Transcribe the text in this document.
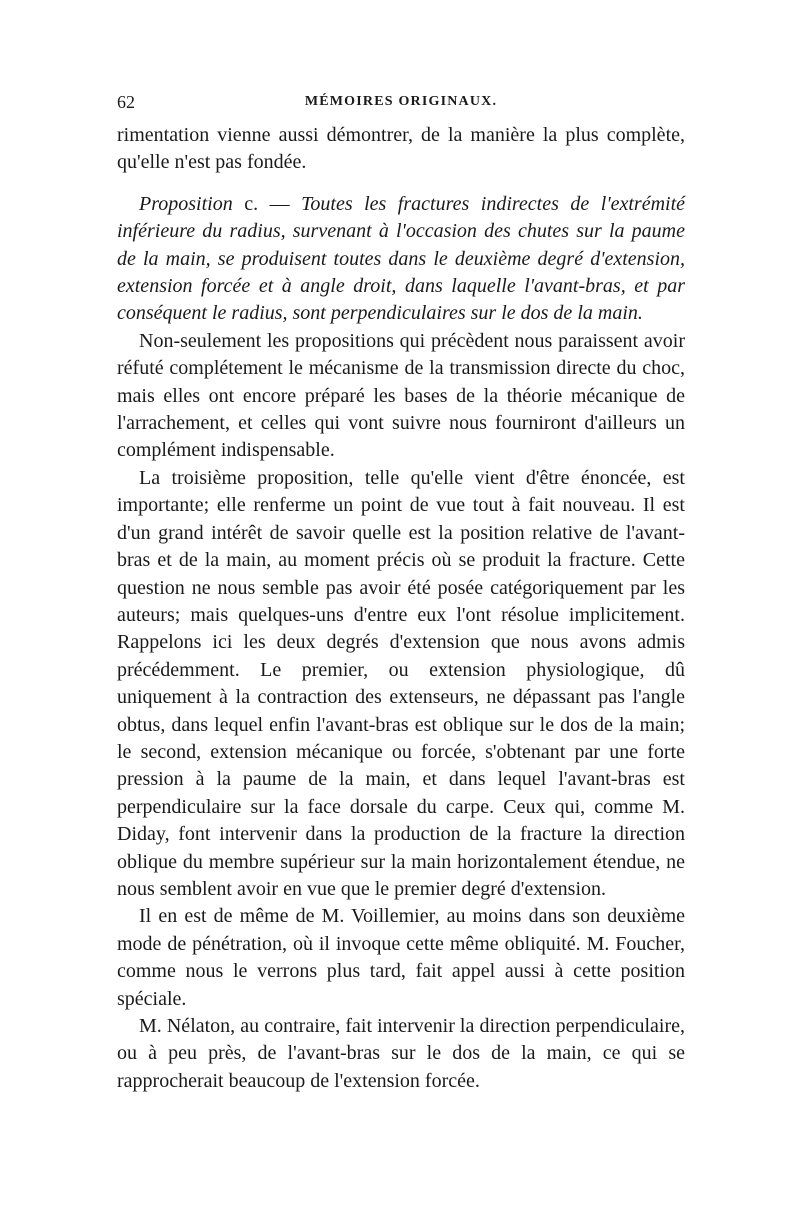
62	MÉMOIRES ORIGINAUX.

rimentation vienne aussi démontrer, de la manière la plus complète, qu'elle n'est pas fondée.

Proposition c. — Toutes les fractures indirectes de l'extrémité inférieure du radius, survenant à l'occasion des chutes sur la paume de la main, se produisent toutes dans le deuxième degré d'extension, extension forcée et à angle droit, dans laquelle l'avant-bras, et par conséquent le radius, sont perpendiculaires sur le dos de la main.

Non-seulement les propositions qui précèdent nous paraissent avoir réfuté complétement le mécanisme de la transmission directe du choc, mais elles ont encore préparé les bases de la théorie mécanique de l'arrachement, et celles qui vont suivre nous fourniront d'ailleurs un complément indispensable.

La troisième proposition, telle qu'elle vient d'être énoncée, est importante; elle renferme un point de vue tout à fait nouveau. Il est d'un grand intérêt de savoir quelle est la position relative de l'avant-bras et de la main, au moment précis où se produit la fracture. Cette question ne nous semble pas avoir été posée catégoriquement par les auteurs; mais quelques-uns d'entre eux l'ont résolue implicitement. Rappelons ici les deux degrés d'extension que nous avons admis précédemment. Le premier, ou extension physiologique, dû uniquement à la contraction des extenseurs, ne dépassant pas l'angle obtus, dans lequel enfin l'avant-bras est oblique sur le dos de la main; le second, extension mécanique ou forcée, s'obtenant par une forte pression à la paume de la main, et dans lequel l'avant-bras est perpendiculaire sur la face dorsale du carpe. Ceux qui, comme M. Diday, font intervenir dans la production de la fracture la direction oblique du membre supérieur sur la main horizontalement étendue, ne nous semblent avoir en vue que le premier degré d'extension.

Il en est de même de M. Voillemier, au moins dans son deuxième mode de pénétration, où il invoque cette même obliquité. M. Foucher, comme nous le verrons plus tard, fait appel aussi à cette position spéciale.

M. Nélaton, au contraire, fait intervenir la direction perpendiculaire, ou à peu près, de l'avant-bras sur le dos de la main, ce qui se rapprocherait beaucoup de l'extension forcée.
